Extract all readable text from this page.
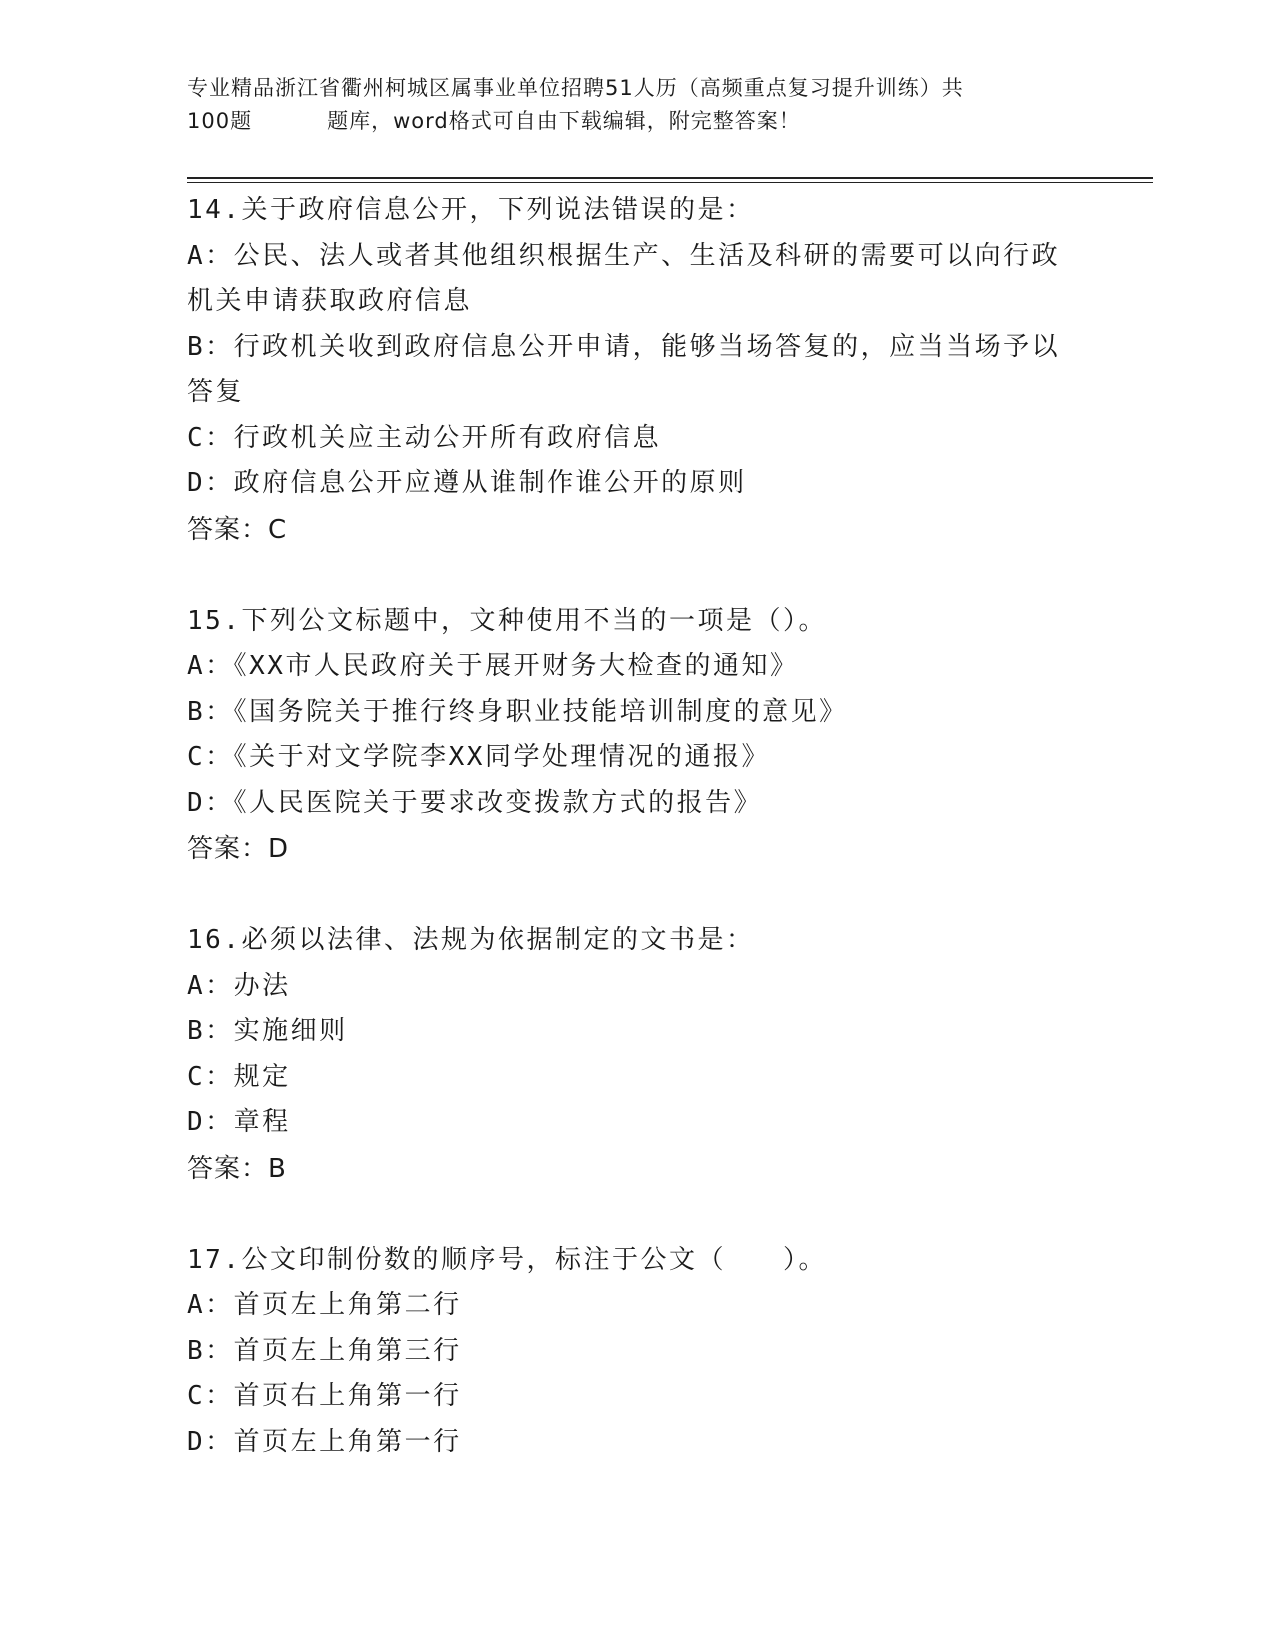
专业精品浙江省衢州柯城区属事业单位招聘51人历（高频重点复习提升训练）共
100题	题库，word格式可自由下载编辑，附完整答案！
14.关于政府信息公开，下列说法错误的是：
A：公民、法人或者其他组织根据生产、生活及科研的需要可以向行政
机关申请获取政府信息
B：行政机关收到政府信息公开申请，能够当场答复的，应当当场予以
答复
C：行政机关应主动公开所有政府信息
D：政府信息公开应遵从谁制作谁公开的原则
答案：C
15.下列公文标题中，文种使用不当的一项是（）。
A：《XX市人民政府关于展开财务大检查的通知》
B：《国务院关于推行终身职业技能培训制度的意见》
C：《关于对文学院李XX同学处理情况的通报》
D：《人民医院关于要求改变拨款方式的报告》
答案：D
16.必须以法律、法规为依据制定的文书是：
A：办法
B：实施细则
C：规定
D：章程
答案：B
17.公文印制份数的顺序号，标注于公文（　　）。
A：首页左上角第二行
B：首页左上角第三行
C：首页右上角第一行
D：首页左上角第一行
